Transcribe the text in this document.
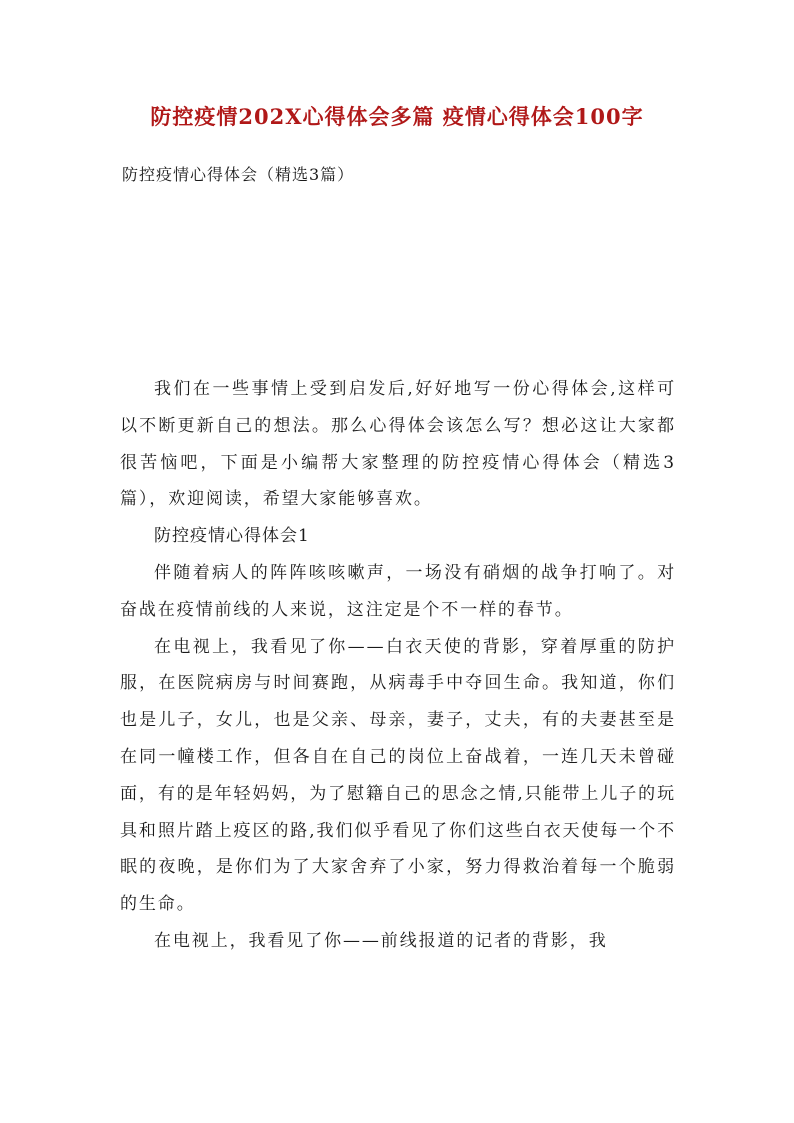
防控疫情202X心得体会多篇 疫情心得体会100字

防控疫情心得体会（精选3篇）

我们在一些事情上受到启发后,好好地写一份心得体会,这样可以不断更新自己的想法。那么心得体会该怎么写？想必这让大家都很苦恼吧，下面是小编帮大家整理的防控疫情心得体会（精选3篇），欢迎阅读，希望大家能够喜欢。

防控疫情心得体会1

伴随着病人的阵阵咳咳嗽声，一场没有硝烟的战争打响了。对奋战在疫情前线的人来说，这注定是个不一样的春节。

在电视上，我看见了你——白衣天使的背影，穿着厚重的防护服，在医院病房与时间赛跑，从病毒手中夺回生命。我知道，你们也是儿子，女儿，也是父亲、母亲，妻子，丈夫，有的夫妻甚至是在同一幢楼工作，但各自在自己的岗位上奋战着，一连几天未曾碰面，有的是年轻妈妈，为了慰籍自己的思念之情,只能带上儿子的玩具和照片踏上疫区的路,我们似乎看见了你们这些白衣天使每一个不眠的夜晚，是你们为了大家舍弃了小家，努力得救治着每一个脆弱的生命。

在电视上，我看见了你——前线报道的记者的背影，我
